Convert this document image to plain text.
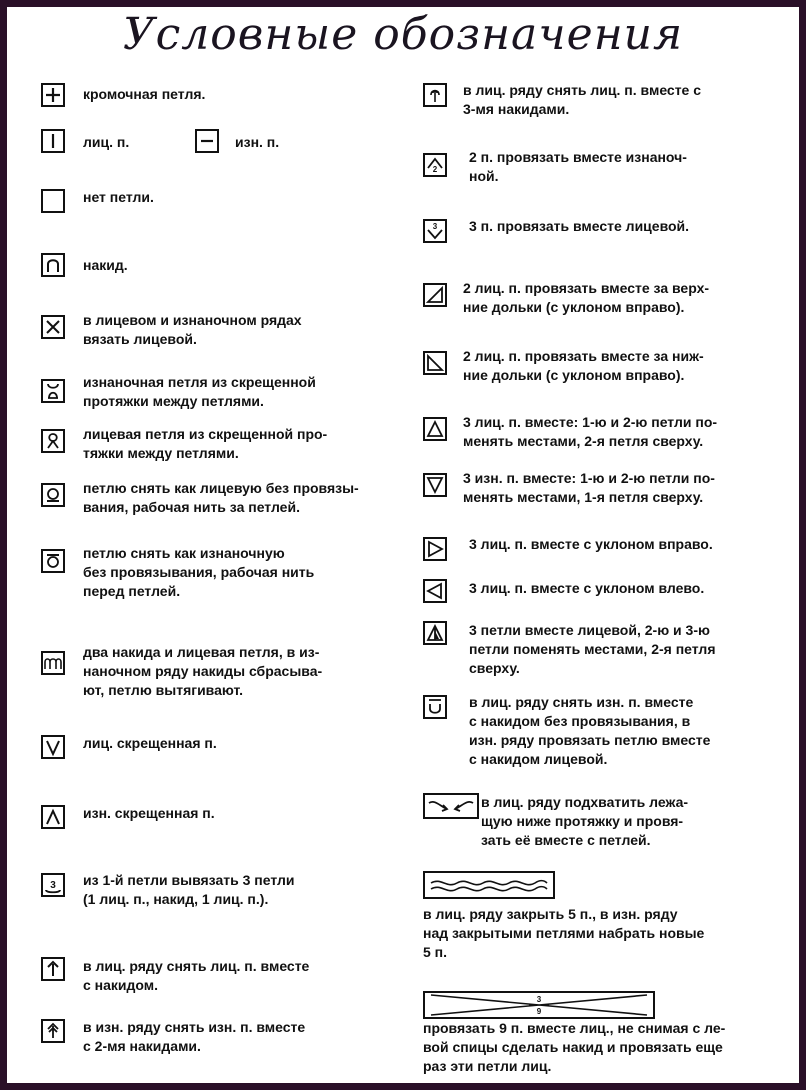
Условные обозначения
кромочная петля.
лиц. п.	изн. п.
нет петли.
накид.
в лицевом и изнаночном рядах
вязать лицевой.
изнаночная петля из скрещенной
протяжки между петлями.
лицевая петля из скрещенной про-
тяжки между петлями.
петлю снять как лицевую без провязы-
вания, рабочая нить за петлей.
петлю снять как изнаночную
без провязывания, рабочая нить
перед петлей.
два накида и лицевая петля, в из-
наночном ряду накиды сбрасыва-
ют, петлю вытягивают.
лиц. скрещенная п.
изн. скрещенная п.
3 из 1-й петли вывязать 3 петли
(1 лиц. п., накид, 1 лиц. п.).
в лиц. ряду снять лиц. п. вместе
с накидом.
в изн. ряду снять изн. п. вместе
с 2-мя накидами.
в лиц. ряду снять лиц. п. вместе с
3-мя накидами.
2
2 п. провязать вместе изнаноч-
ной.
3 3 п. провязать вместе лицевой.
2 лиц. п. провязать вместе за верх-
ние дольки (с уклоном вправо).
2 лиц. п. провязать вместе за ниж-
ние дольки (с уклоном вправо).
3 лиц. п. вместе: 1-ю и 2-ю петли по-
менять местами, 2-я петля сверху.
3 изн. п. вместе: 1-ю и 2-ю петли по-
менять местами, 1-я петля сверху.
3 лиц. п. вместе с уклоном вправо.
3 лиц. п. вместе с уклоном влево.
3 петли вместе лицевой, 2-ю и 3-ю
петли поменять местами, 2-я петля
сверху.
в лиц. ряду снять изн. п. вместе
с накидом без провязывания, в
изн. ряду провязать петлю вместе
с накидом лицевой.
в лиц. ряду подхватить лежа-
щую ниже протяжку и провя-
зать её вместе с петлей.
в лиц. ряду закрыть 5 п., в изн. ряду
над закрытыми петлями набрать новые
5 п.
3
9
провязать 9 п. вместе лиц., не снимая с ле-
вой спицы сделать накид и провязать еще
раз эти петли лиц.
